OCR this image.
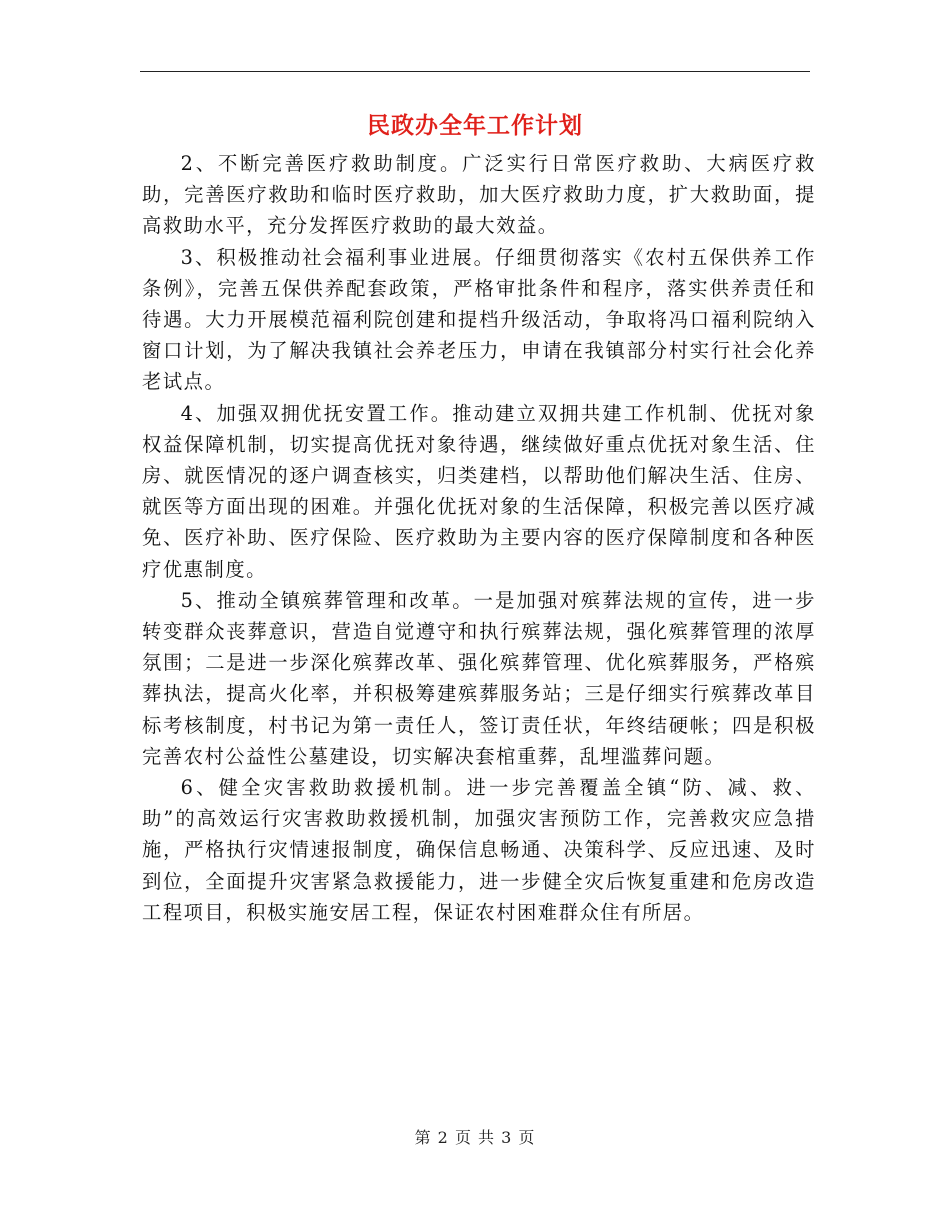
民政办全年工作计划

2、不断完善医疗救助制度。广泛实行日常医疗救助、大病医疗救助，完善医疗救助和临时医疗救助，加大医疗救助力度，扩大救助面，提高救助水平，充分发挥医疗救助的最大效益。

3、积极推动社会福利事业进展。仔细贯彻落实《农村五保供养工作条例》，完善五保供养配套政策，严格审批条件和程序，落实供养责任和待遇。大力开展模范福利院创建和提档升级活动，争取将冯口福利院纳入窗口计划，为了解决我镇社会养老压力，申请在我镇部分村实行社会化养老试点。

4、加强双拥优抚安置工作。推动建立双拥共建工作机制、优抚对象权益保障机制，切实提高优抚对象待遇，继续做好重点优抚对象生活、住房、就医情况的逐户调查核实，归类建档，以帮助他们解决生活、住房、就医等方面出现的困难。并强化优抚对象的生活保障，积极完善以医疗减免、医疗补助、医疗保险、医疗救助为主要内容的医疗保障制度和各种医疗优惠制度。

5、推动全镇殡葬管理和改革。一是加强对殡葬法规的宣传，进一步转变群众丧葬意识，营造自觉遵守和执行殡葬法规，强化殡葬管理的浓厚氛围；二是进一步深化殡葬改革、强化殡葬管理、优化殡葬服务，严格殡葬执法，提高火化率，并积极筹建殡葬服务站；三是仔细实行殡葬改革目标考核制度，村书记为第一责任人，签订责任状，年终结硬帐；四是积极完善农村公益性公墓建设，切实解决套棺重葬，乱埋滥葬问题。

6、健全灾害救助救援机制。进一步完善覆盖全镇“防、减、救、助”的高效运行灾害救助救援机制，加强灾害预防工作，完善救灾应急措施，严格执行灾情速报制度，确保信息畅通、决策科学、反应迅速、及时到位，全面提升灾害紧急救援能力，进一步健全灾后恢复重建和危房改造工程项目，积极实施安居工程，保证农村困难群众住有所居。

第 2 页 共 3 页
